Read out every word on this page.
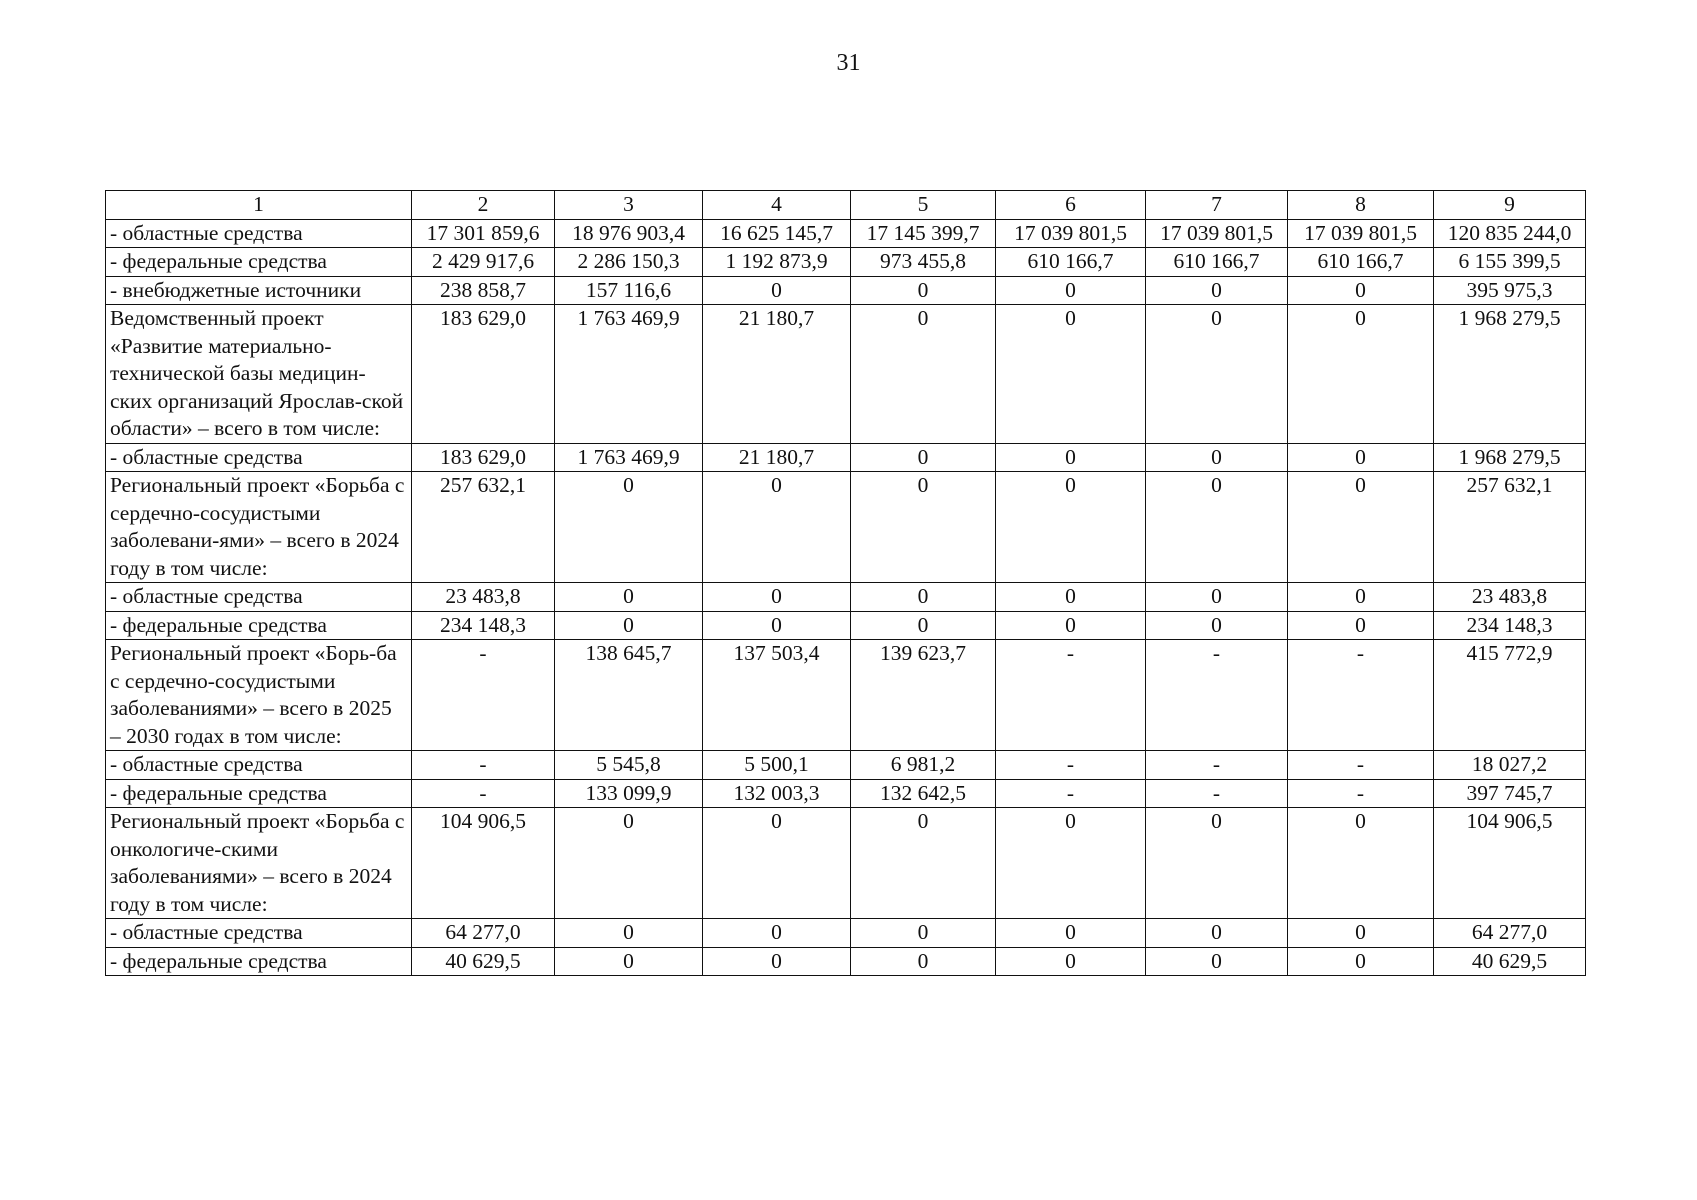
31
1	2	3	4	5	6	7	8	9
- областные средства	17 301 859,6	18 976 903,4	16 625 145,7	17 145 399,7	17 039 801,5	17 039 801,5	17 039 801,5	120 835 244,0
- федеральные средства	2 429 917,6	2 286 150,3	1 192 873,9	973 455,8	610 166,7	610 166,7	610 166,7	6 155 399,5
- внебюджетные источники	238 858,7	157 116,6	0	0	0	0	0	395 975,3
Ведомственный проект «Развитие материально-технической базы медицин-ских организаций Ярослав-ской области» – всего в том числе:	183 629,0	1 763 469,9	21 180,7	0	0	0	0	1 968 279,5
- областные средства	183 629,0	1 763 469,9	21 180,7	0	0	0	0	1 968 279,5
Региональный проект «Борьба с сердечно-сосудистыми заболевани-ями» – всего в 2024 году в том числе:	257 632,1	0	0	0	0	0	0	257 632,1
- областные средства	23 483,8	0	0	0	0	0	0	23 483,8
- федеральные средства	234 148,3	0	0	0	0	0	0	234 148,3
Региональный проект «Борь-ба с сердечно-сосудистыми заболеваниями» – всего в 2025 – 2030 годах в том числе:	-	138 645,7	137 503,4	139 623,7	-	-	-	415 772,9
- областные средства	-	5 545,8	5 500,1	6 981,2	-	-	-	18 027,2
- федеральные средства	-	133 099,9	132 003,3	132 642,5	-	-	-	397 745,7
Региональный проект «Борьба с онкологиче-скими заболеваниями» – всего в 2024 году в том числе:	104 906,5	0	0	0	0	0	0	104 906,5
- областные средства	64 277,0	0	0	0	0	0	0	64 277,0
- федеральные средства	40 629,5	0	0	0	0	0	0	40 629,5
